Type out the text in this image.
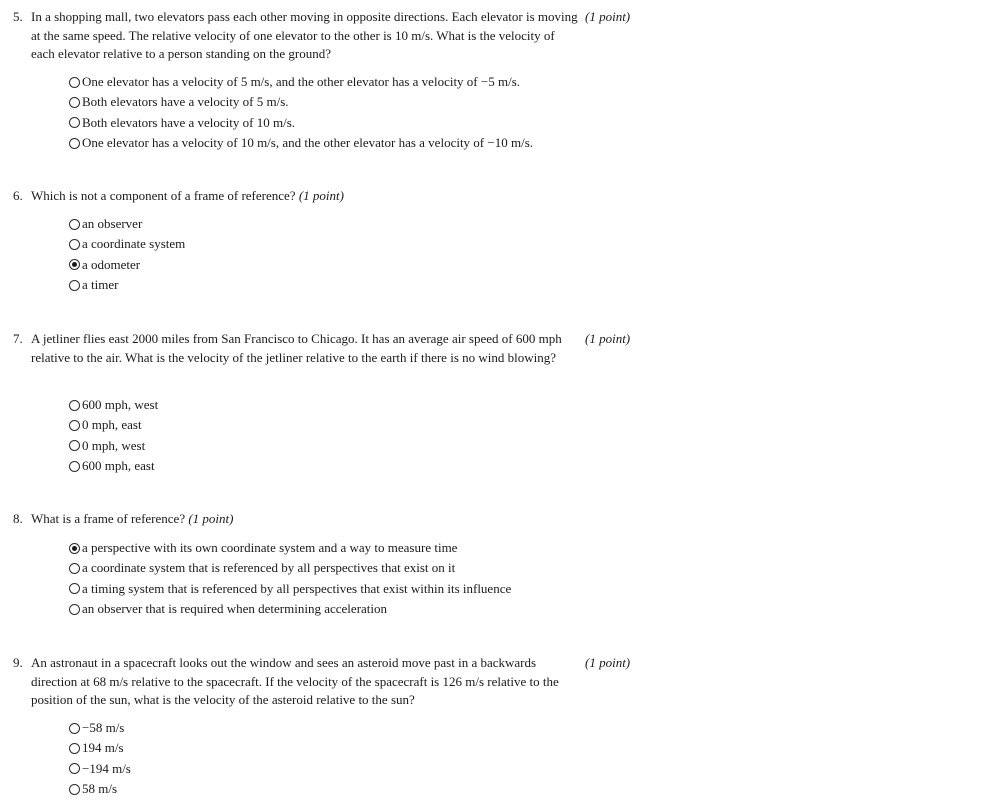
5. In a shopping mall, two elevators pass each other moving in opposite directions. Each elevator is moving at the same speed. The relative velocity of one elevator to the other is 10 m/s. What is the velocity of each elevator relative to a person standing on the ground?
(1 point)
One elevator has a velocity of 5 m/s, and the other elevator has a velocity of −5 m/s.
Both elevators have a velocity of 5 m/s.
Both elevators have a velocity of 10 m/s.
One elevator has a velocity of 10 m/s, and the other elevator has a velocity of −10 m/s.
6. Which is not a component of a frame of reference? (1 point)
an observer
a coordinate system
a odometer
a timer
7. A jetliner flies east 2000 miles from San Francisco to Chicago. It has an average air speed of 600 mph relative to the air. What is the velocity of the jetliner relative to the earth if there is no wind blowing?
(1 point)
600 mph, west
0 mph, east
0 mph, west
600 mph, east
8. What is a frame of reference? (1 point)
a perspective with its own coordinate system and a way to measure time
a coordinate system that is referenced by all perspectives that exist on it
a timing system that is referenced by all perspectives that exist within its influence
an observer that is required when determining acceleration
9. An astronaut in a spacecraft looks out the window and sees an asteroid move past in a backwards direction at 68 m/s relative to the spacecraft. If the velocity of the spacecraft is 126 m/s relative to the position of the sun, what is the velocity of the asteroid relative to the sun?
(1 point)
−58 m/s
194 m/s
−194 m/s
58 m/s
